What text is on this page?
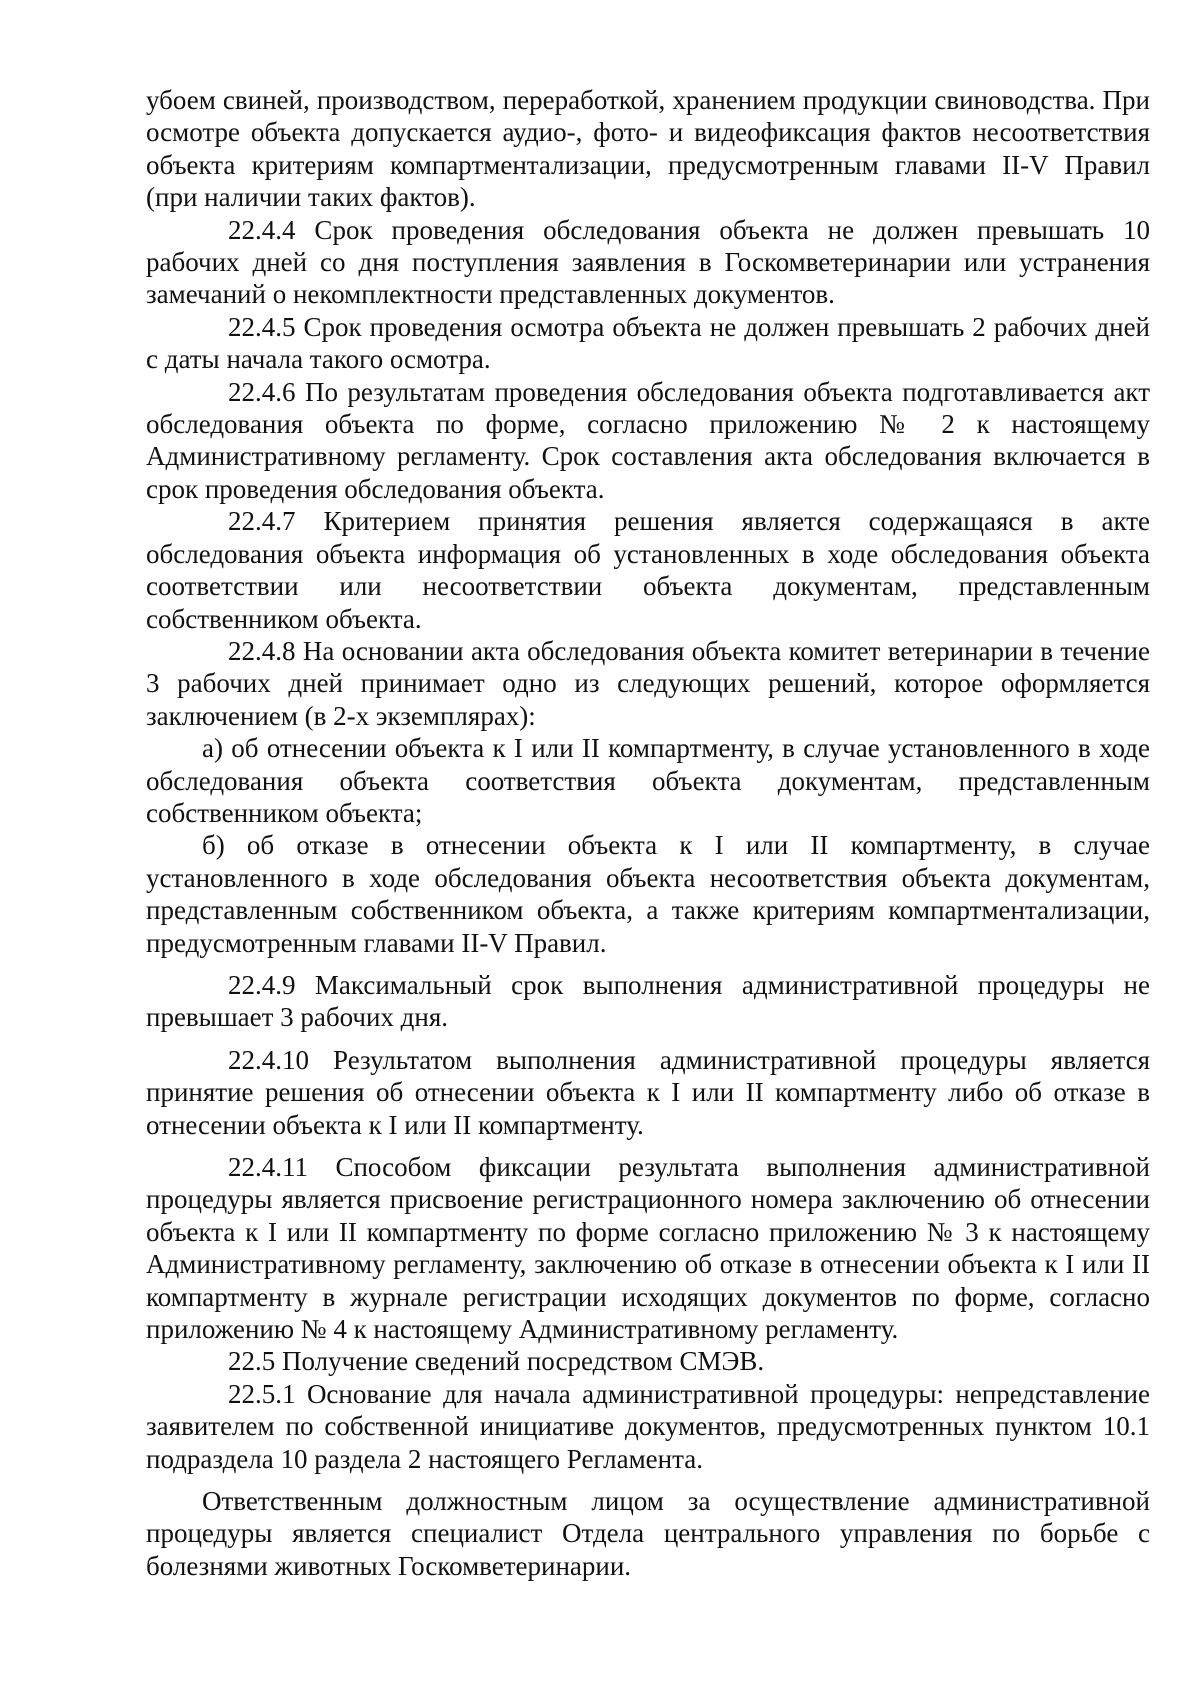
убоем свиней, производством, переработкой, хранением продукции свиноводства. При осмотре объекта допускается аудио-, фото- и видеофиксация фактов несоответствия объекта критериям компартментализации, предусмотренным главами II-V Правил (при наличии таких фактов).

22.4.4 Срок проведения обследования объекта не должен превышать 10 рабочих дней со дня поступления заявления в Госкомветеринарии или устранения замечаний о некомплектности представленных документов.

22.4.5 Срок проведения осмотра объекта не должен превышать 2 рабочих дней с даты начала такого осмотра.

22.4.6 По результатам проведения обследования объекта подготавливается акт обследования объекта по форме, согласно приложению № 2 к настоящему Административному регламенту. Срок составления акта обследования включается в срок проведения обследования объекта.

22.4.7 Критерием принятия решения является содержащаяся в акте обследования объекта информация об установленных в ходе обследования объекта соответствии или несоответствии объекта документам, представленным собственником объекта.

22.4.8 На основании акта обследования объекта комитет ветеринарии в течение 3 рабочих дней принимает одно из следующих решений, которое оформляется заключением (в 2-х экземплярах):

а) об отнесении объекта к I или II компартменту, в случае установленного в ходе обследования объекта соответствия объекта документам, представленным собственником объекта;

б) об отказе в отнесении объекта к I или II компартменту, в случае установленного в ходе обследования объекта несоответствия объекта документам, представленным собственником объекта, а также критериям компартментализации, предусмотренным главами II-V Правил.

22.4.9 Максимальный срок выполнения административной процедуры не превышает 3 рабочих дня.

22.4.10 Результатом выполнения административной процедуры является принятие решения об отнесении объекта к I или II компартменту либо об отказе в отнесении объекта к I или II компартменту.

22.4.11 Способом фиксации результата выполнения административной процедуры является присвоение регистрационного номера заключению об отнесении объекта к I или II компартменту по форме согласно приложению № 3 к настоящему Административному регламенту, заключению об отказе в отнесении объекта к I или II компартменту в журнале регистрации исходящих документов по форме, согласно приложению № 4 к настоящему Административному регламенту.

22.5 Получение сведений посредством СМЭВ.

22.5.1 Основание для начала административной процедуры: непредставление заявителем по собственной инициативе документов, предусмотренных пунктом 10.1 подраздела 10 раздела 2 настоящего Регламента.

Ответственным должностным лицом за осуществление административной процедуры является специалист Отдела центрального управления по борьбе с болезнями животных Госкомветеринарии.
